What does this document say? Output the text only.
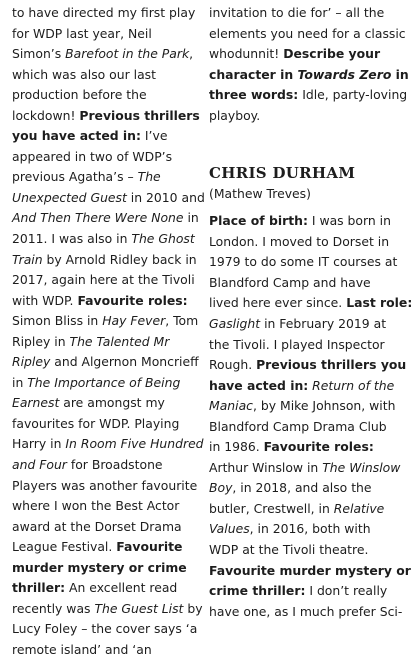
to have directed my first play
for WDP last year, Neil
Simon’s Barefoot in the Park,
which was also our last
production before the
lockdown! Previous thrillers
you have acted in: I’ve
appeared in two of WDP’s
previous Agatha’s – The
Unexpected Guest in 2010 and
And Then There Were None in
2011. I was also in The Ghost
Train by Arnold Ridley back in
2017, again here at the Tivoli
with WDP. Favourite roles:
Simon Bliss in Hay Fever, Tom
Ripley in The Talented Mr
Ripley and Algernon Moncrieff
in The Importance of Being
Earnest are amongst my
favourites for WDP. Playing
Harry in In Room Five Hundred
and Four for Broadstone
Players was another favourite
where I won the Best Actor
award at the Dorset Drama
League Festival. Favourite
murder mystery or crime
thriller: An excellent read
recently was The Guest List by
Lucy Foley – the cover says ‘a
remote island’ and ‘an
invitation to die for’ – all the
elements you need for a classic
whodunnit! Describe your
character in Towards Zero in
three words: Idle, party-loving
playboy.
CHRIS DURHAM
(Mathew Treves)
Place of birth: I was born in
London. I moved to Dorset in
1979 to do some IT courses at
Blandford Camp and have
lived here ever since. Last role:
Gaslight in February 2019 at
the Tivoli. I played Inspector
Rough. Previous thrillers you
have acted in: Return of the
Maniac, by Mike Johnson, with
Blandford Camp Drama Club
in 1986. Favourite roles:
Arthur Winslow in The Winslow
Boy, in 2018, and also the
butler, Crestwell, in Relative
Values, in 2016, both with
WDP at the Tivoli theatre.
Favourite murder mystery or
crime thriller: I don’t really
have one, as I much prefer Sci-
